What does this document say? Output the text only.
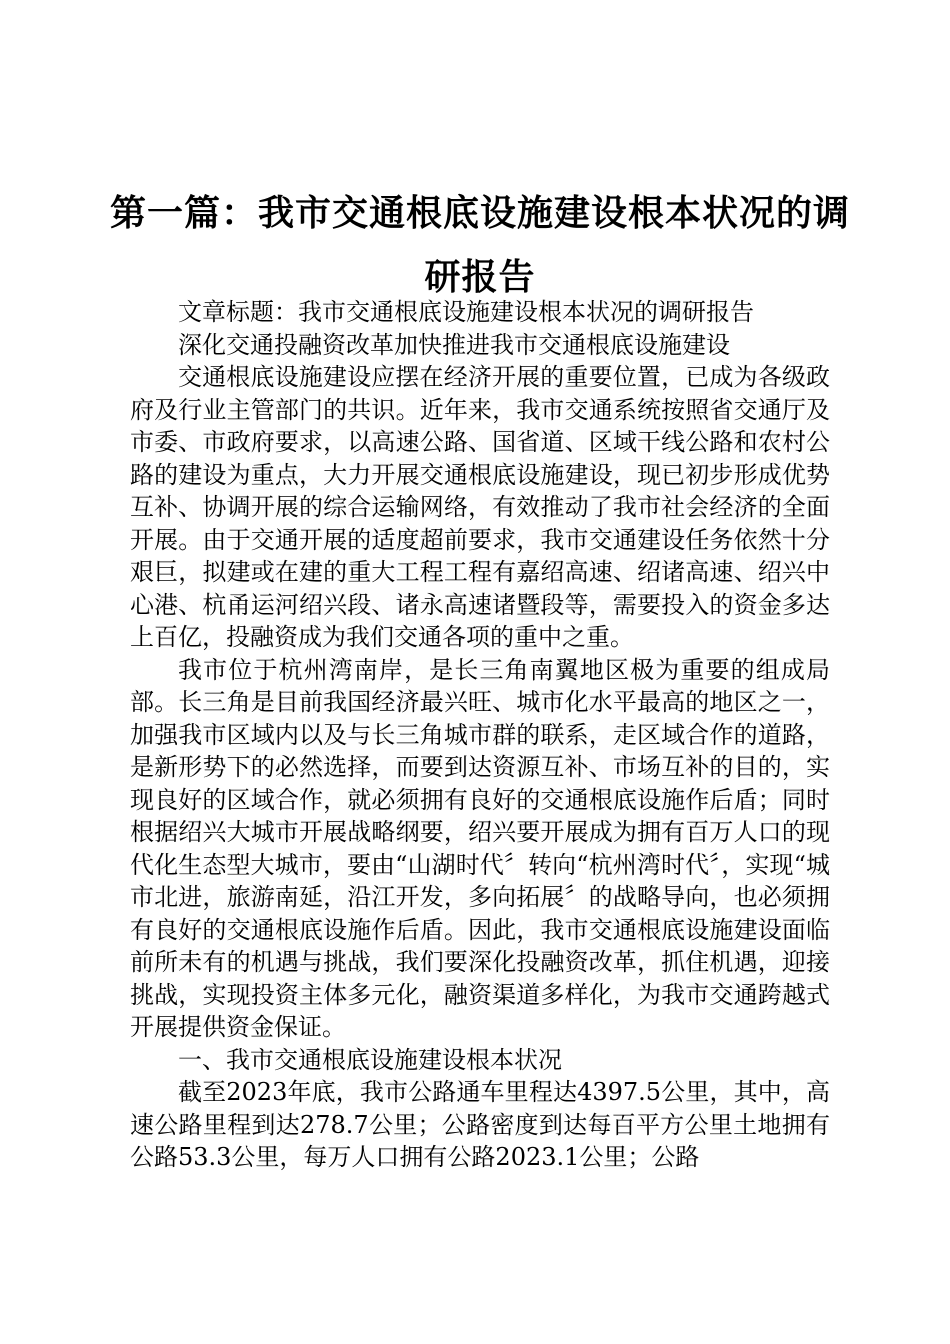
第一篇：我市交通根底设施建设根本状况的调研报告

文章标题：我市交通根底设施建设根本状况的调研报告

深化交通投融资改革加快推进我市交通根底设施建设

交通根底设施建设应摆在经济开展的重要位置，已成为各级政府及行业主管部门的共识。近年来，我市交通系统按照省交通厅及市委、市政府要求，以高速公路、国省道、区域干线公路和农村公路的建设为重点，大力开展交通根底设施建设，现已初步形成优势互补、协调开展的综合运输网络，有效推动了我市社会经济的全面开展。由于交通开展的适度超前要求，我市交通建设任务依然十分艰巨，拟建或在建的重大工程工程有嘉绍高速、绍诸高速、绍兴中心港、杭甬运河绍兴段、诸永高速诸暨段等，需要投入的资金多达上百亿，投融资成为我们交通各项的重中之重。

我市位于杭州湾南岸，是长三角南翼地区极为重要的组成局部。长三角是目前我国经济最兴旺、城市化水平最高的地区之一，加强我市区域内以及与长三角城市群的联系，走区域合作的道路，是新形势下的必然选择，而要到达资源互补、市场互补的目的，实现良好的区域合作，就必须拥有良好的交通根底设施作后盾；同时根据绍兴大城市开展战略纲要，绍兴要开展成为拥有百万人口的现代化生态型大城市，要由“山湖时代〞转向“杭州湾时代〞，实现“城市北进，旅游南延，沿江开发，多向拓展〞的战略导向，也必须拥有良好的交通根底设施作后盾。因此，我市交通根底设施建设面临前所未有的机遇与挑战，我们要深化投融资改革，抓住机遇，迎接挑战，实现投资主体多元化，融资渠道多样化，为我市交通跨越式开展提供资金保证。

一、我市交通根底设施建设根本状况

截至2023年底，我市公路通车里程达4397.5公里，其中，高速公路里程到达278.7公里；公路密度到达每百平方公里土地拥有公路53.3公里，每万人口拥有公路2023.1公里；公路
